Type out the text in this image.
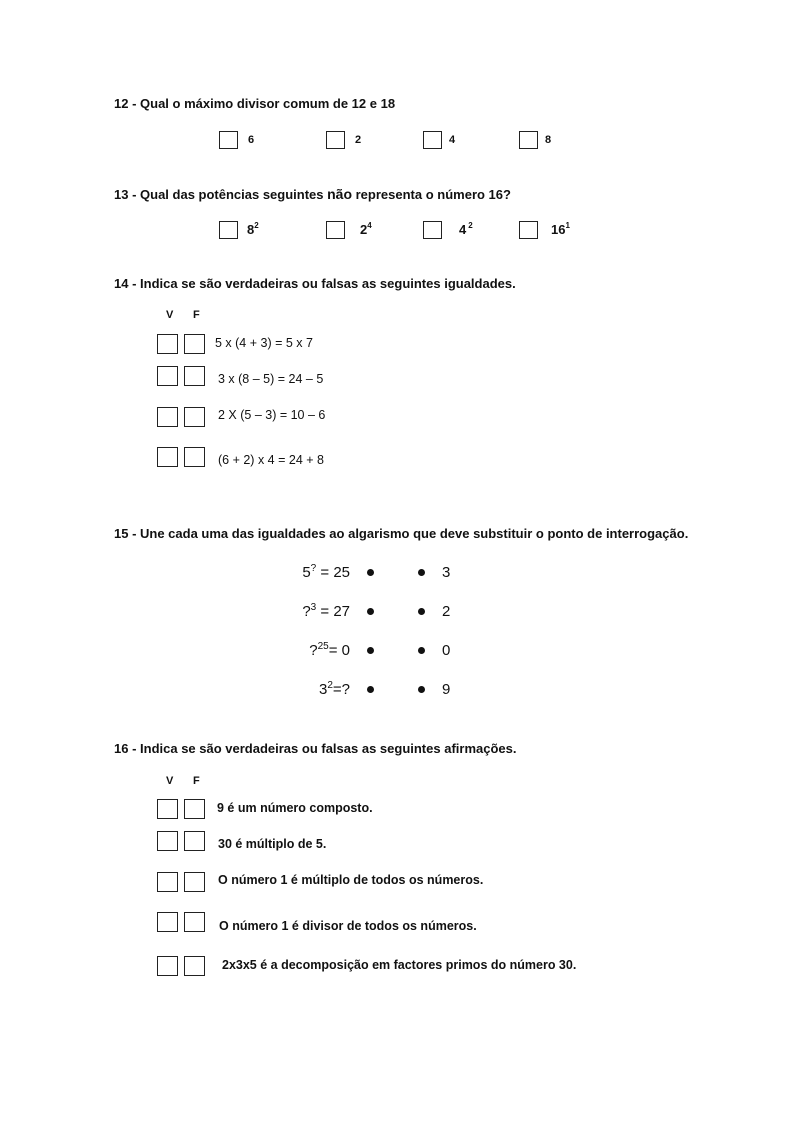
12 - Qual o máximo divisor comum de 12 e 18
6	2	4	8
13 - Qual das potências seguintes não representa o número 16?
$8^2$	$2^4$	4 $^2$	$16^1$
14 - Indica se são verdadeiras ou falsas as seguintes igualdades.
V F
5 x (4 + 3) = 5 x 7
3 x (8 – 5) = 24 – 5
2 X (5 – 3) = 10 – 6
(6 + 2) x 4 = 24 + 8
15 - Une cada uma das igualdades ao algarismo que deve substituir o ponto de interrogação.
5? = 25	3
?$^3$ = 27	2
?$^{25}$= 0	0
$3^2=$?	9
16 - Indica se são verdadeiras ou falsas as seguintes afirmações.
V F
9 é um número composto.
30 é múltiplo de 5.
O número 1 é múltiplo de todos os números.
O número 1 é divisor de todos os números.
2x3x5 é a decomposição em factores primos do número 30.
